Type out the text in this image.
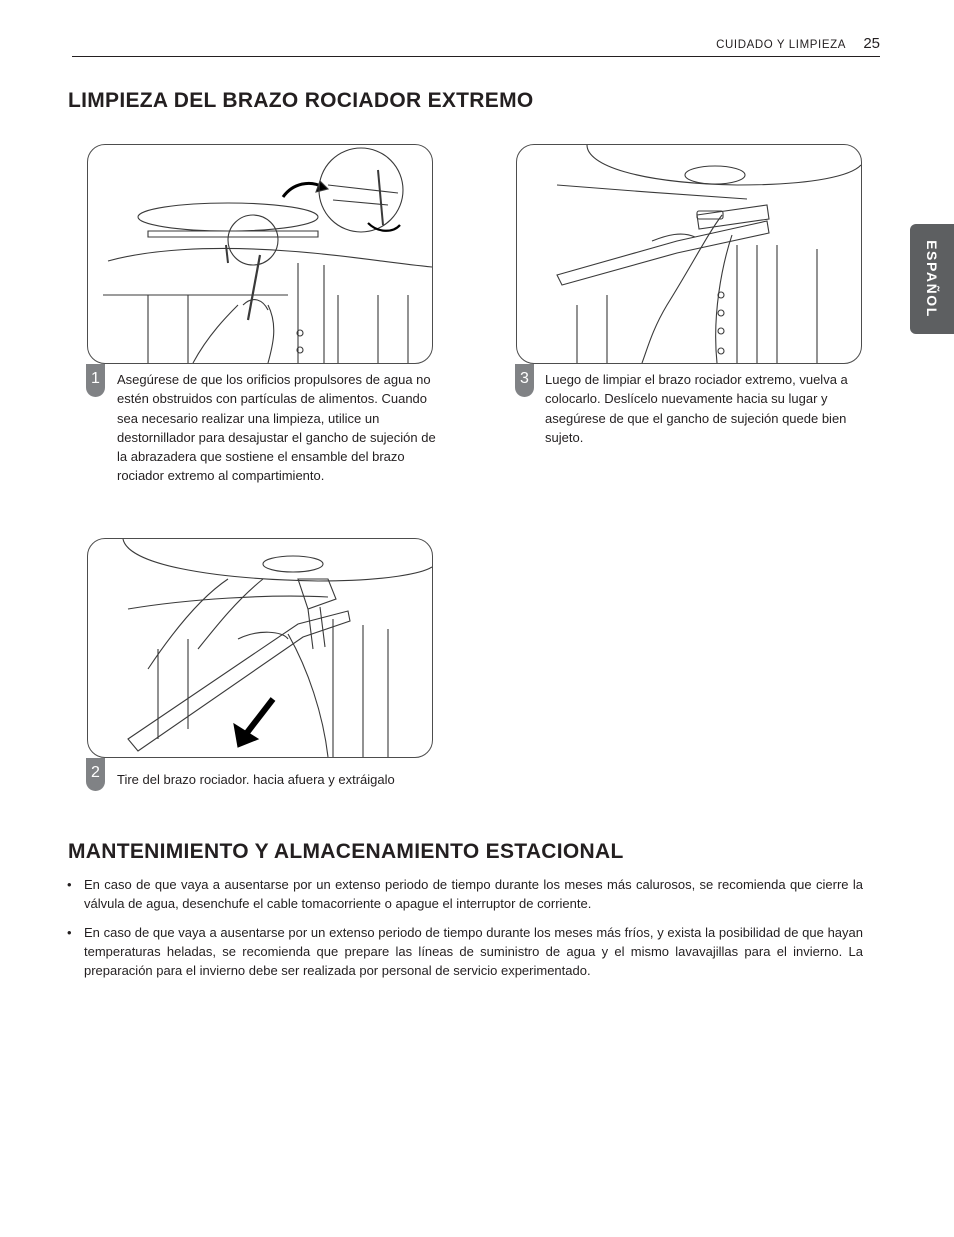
CUIDADO Y LIMPIEZA 25
ESPAÑOL
LIMPIEZA DEL BRAZO ROCIADOR EXTREMO
1	Asegúrese de que los orificios propulsores de agua no estén obstruidos con partículas de alimentos. Cuando sea necesario realizar una limpieza, utilice un destornillador para desajustar el gancho de sujeción de la abrazadera que sostiene el ensamble del brazo rociador extremo al compartimiento.
3	Luego de limpiar el brazo rociador extremo, vuelva a colocarlo. Deslícelo nuevamente hacia su lugar y asegúrese de que el gancho de sujeción quede bien sujeto.
2	Tire del brazo rociador. hacia afuera y extráigalo
MANTENIMIENTO Y ALMACENAMIENTO ESTACIONAL
• En caso de que vaya a ausentarse por un extenso periodo de tiempo durante los meses más calurosos, se recomienda que cierre la válvula de agua, desenchufe el cable tomacorriente o apague el interruptor de corriente.
• En caso de que vaya a ausentarse por un extenso periodo de tiempo durante los meses más fríos, y exista la posibilidad de que hayan temperaturas heladas, se recomienda que prepare las líneas de suministro de agua y el mismo lavavajillas para el invierno. La preparación para el invierno debe ser realizada por personal de servicio experimentado.
